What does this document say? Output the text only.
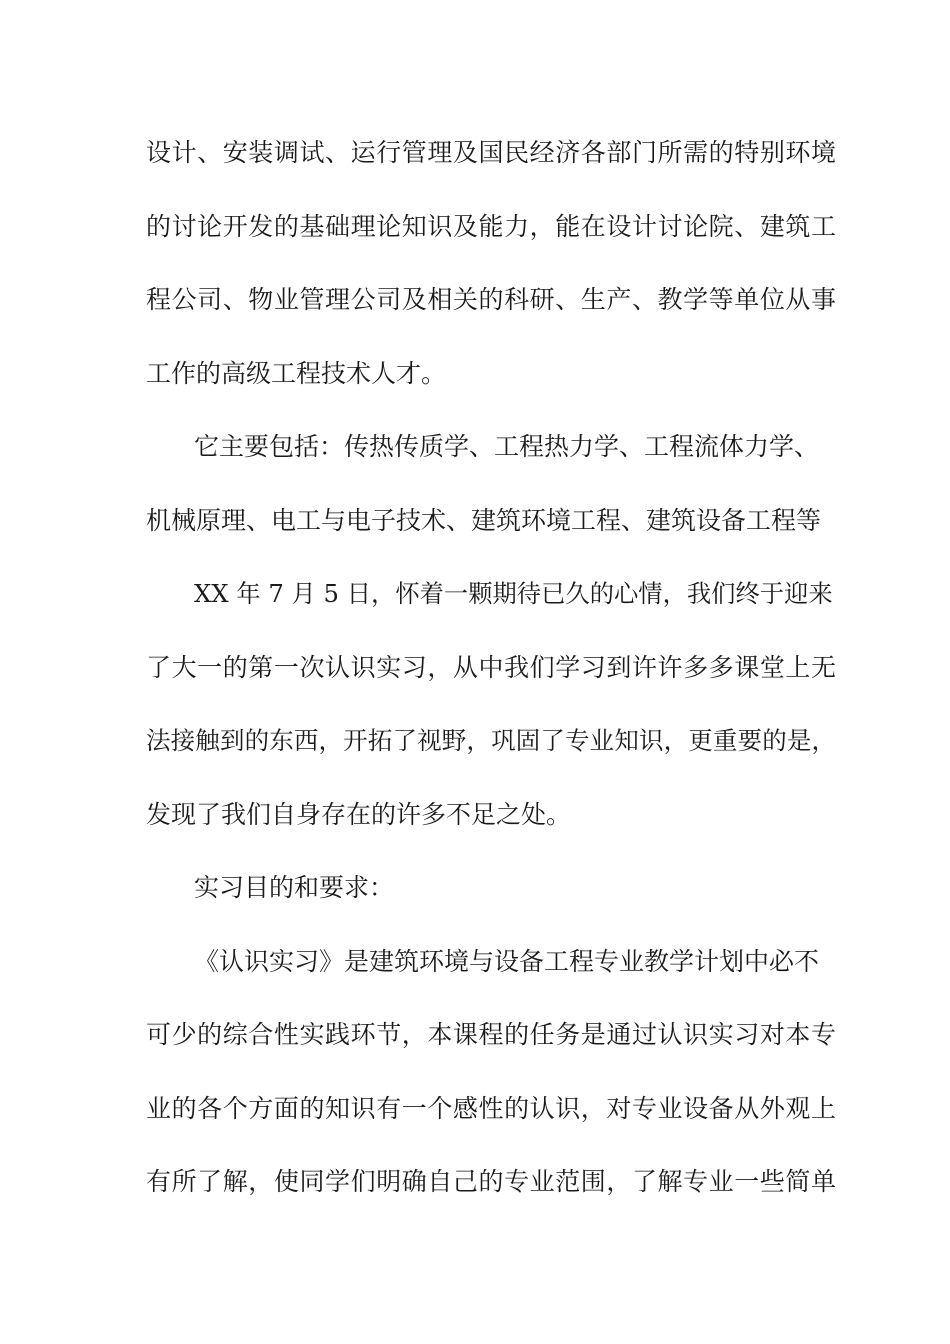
设计、安装调试、运行管理及国民经济各部门所需的特别环境
的讨论开发的基础理论知识及能力，能在设计讨论院、建筑工
程公司、物业管理公司及相关的科研、生产、教学等单位从事
工作的高级工程技术人才。
它主要包括：传热传质学、工程热力学、工程流体力学、
机械原理、电工与电子技术、建筑环境工程、建筑设备工程等
XX 年 7 月 5 日，怀着一颗期待已久的心情，我们终于迎来
了大一的第一次认识实习，从中我们学习到许许多多课堂上无
法接触到的东西，开拓了视野，巩固了专业知识，更重要的是，
发现了我们自身存在的许多不足之处。
实习目的和要求：
《认识实习》是建筑环境与设备工程专业教学计划中必不
可少的综合性实践环节，本课程的任务是通过认识实习对本专
业的各个方面的知识有一个感性的认识，对专业设备从外观上
有所了解，使同学们明确自己的专业范围，了解专业一些简单
